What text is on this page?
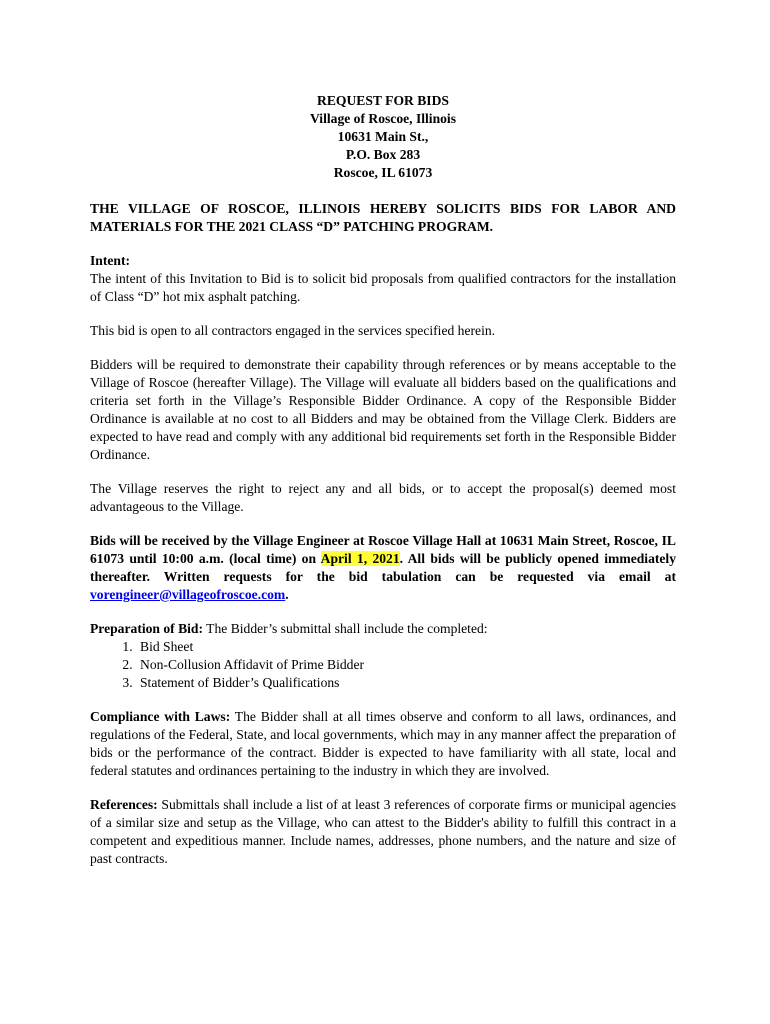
REQUEST FOR BIDS
Village of Roscoe, Illinois
10631 Main St.,
P.O. Box 283
Roscoe, IL 61073

THE VILLAGE OF ROSCOE, ILLINOIS HEREBY SOLICITS BIDS FOR LABOR AND MATERIALS FOR THE 2021 CLASS “D” PATCHING PROGRAM.

Intent:
The intent of this Invitation to Bid is to solicit bid proposals from qualified contractors for the installation of Class “D” hot mix asphalt patching.

This bid is open to all contractors engaged in the services specified herein.

Bidders will be required to demonstrate their capability through references or by means acceptable to the Village of Roscoe (hereafter Village). The Village will evaluate all bidders based on the qualifications and criteria set forth in the Village’s Responsible Bidder Ordinance. A copy of the Responsible Bidder Ordinance is available at no cost to all Bidders and may be obtained from the Village Clerk. Bidders are expected to have read and comply with any additional bid requirements set forth in the Responsible Bidder Ordinance.

The Village reserves the right to reject any and all bids, or to accept the proposal(s) deemed most advantageous to the Village.

Bids will be received by the Village Engineer at Roscoe Village Hall at 10631 Main Street, Roscoe, IL 61073 until 10:00 a.m. (local time) on April 1, 2021. All bids will be publicly opened immediately thereafter. Written requests for the bid tabulation can be requested via email at vorengineer@villageofroscoe.com.

Preparation of Bid: The Bidder’s submittal shall include the completed:
1. Bid Sheet
2. Non-Collusion Affidavit of Prime Bidder
3. Statement of Bidder’s Qualifications

Compliance with Laws: The Bidder shall at all times observe and conform to all laws, ordinances, and regulations of the Federal, State, and local governments, which may in any manner affect the preparation of bids or the performance of the contract. Bidder is expected to have familiarity with all state, local and federal statutes and ordinances pertaining to the industry in which they are involved.

References: Submittals shall include a list of at least 3 references of corporate firms or municipal agencies of a similar size and setup as the Village, who can attest to the Bidder's ability to fulfill this contract in a competent and expeditious manner. Include names, addresses, phone numbers, and the nature and size of past contracts.
